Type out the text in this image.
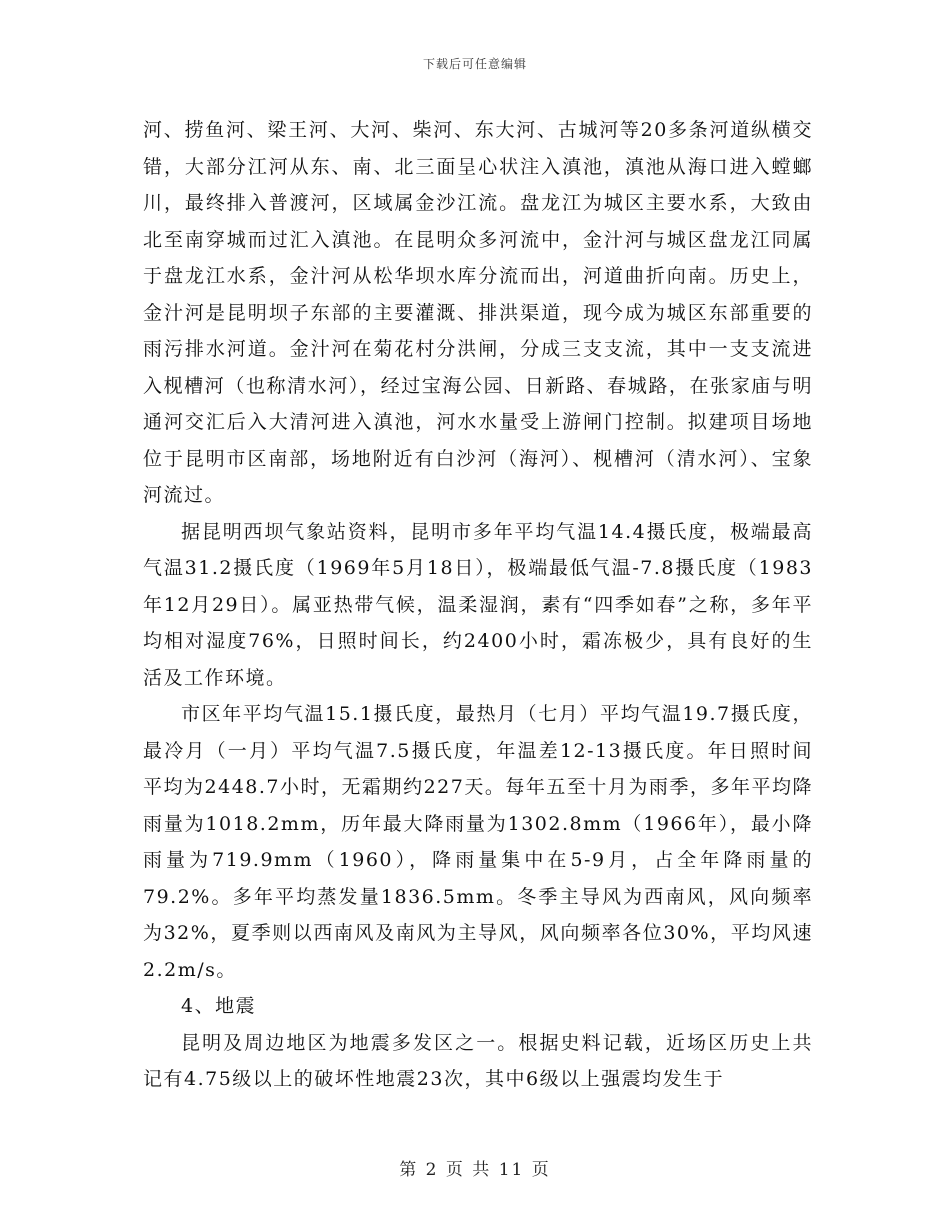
下载后可任意编辑

河、捞鱼河、梁王河、大河、柴河、东大河、古城河等20多条河道纵横交错，大部分江河从东、南、北三面呈心状注入滇池，滇池从海口进入螳螂川，最终排入普渡河，区域属金沙江流。盘龙江为城区主要水系，大致由北至南穿城而过汇入滇池。在昆明众多河流中，金汁河与城区盘龙江同属于盘龙江水系，金汁河从松华坝水库分流而出，河道曲折向南。历史上，金汁河是昆明坝子东部的主要灌溉、排洪渠道，现今成为城区东部重要的雨污排水河道。金汁河在菊花村分洪闸，分成三支支流，其中一支支流进入枧槽河（也称清水河），经过宝海公园、日新路、春城路，在张家庙与明通河交汇后入大清河进入滇池，河水水量受上游闸门控制。拟建项目场地位于昆明市区南部，场地附近有白沙河（海河）、枧槽河（清水河）、宝象河流过。

据昆明西坝气象站资料，昆明市多年平均气温14.4摄氏度，极端最高气温31.2摄氏度（1969年5月18日），极端最低气温-7.8摄氏度（1983年12月29日）。属亚热带气候，温柔湿润，素有“四季如春”之称，多年平均相对湿度76%，日照时间长，约2400小时，霜冻极少，具有良好的生活及工作环境。

市区年平均气温15.1摄氏度，最热月（七月）平均气温19.7摄氏度，最冷月（一月）平均气温7.5摄氏度，年温差12-13摄氏度。年日照时间平均为2448.7小时，无霜期约227天。每年五至十月为雨季，多年平均降雨量为1018.2mm，历年最大降雨量为1302.8mm（1966年），最小降雨量为719.9mm（1960），降雨量集中在5-9月，占全年降雨量的79.2%。多年平均蒸发量1836.5mm。冬季主导风为西南风，风向频率为32%，夏季则以西南风及南风为主导风，风向频率各位30%，平均风速2.2m/s。

4、地震

昆明及周边地区为地震多发区之一。根据史料记载，近场区历史上共记有4.75级以上的破坏性地震23次，其中6级以上强震均发生于

第 2 页 共 11 页
